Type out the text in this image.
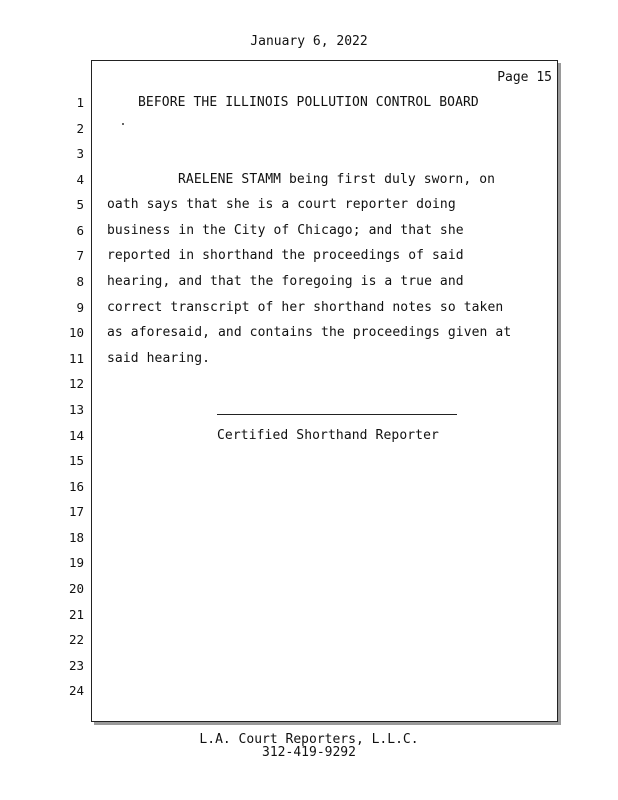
January 6, 2022
Page 15
1
2
3
4
5
6
7
8
9
10
11
12
13
14
15
16
17
18
19
20
21
22
23
24
BEFORE THE ILLINOIS POLLUTION CONTROL BOARD
RAELENE STAMM being first duly sworn, on
oath says that she is a court reporter doing
business in the City of Chicago; and that she
reported in shorthand the proceedings of said
hearing, and that the foregoing is a true and
correct transcript of her shorthand notes so taken
as aforesaid, and contains the proceedings given at
said hearing.
Certified Shorthand Reporter
L.A. Court Reporters, L.L.C.
312-419-9292
